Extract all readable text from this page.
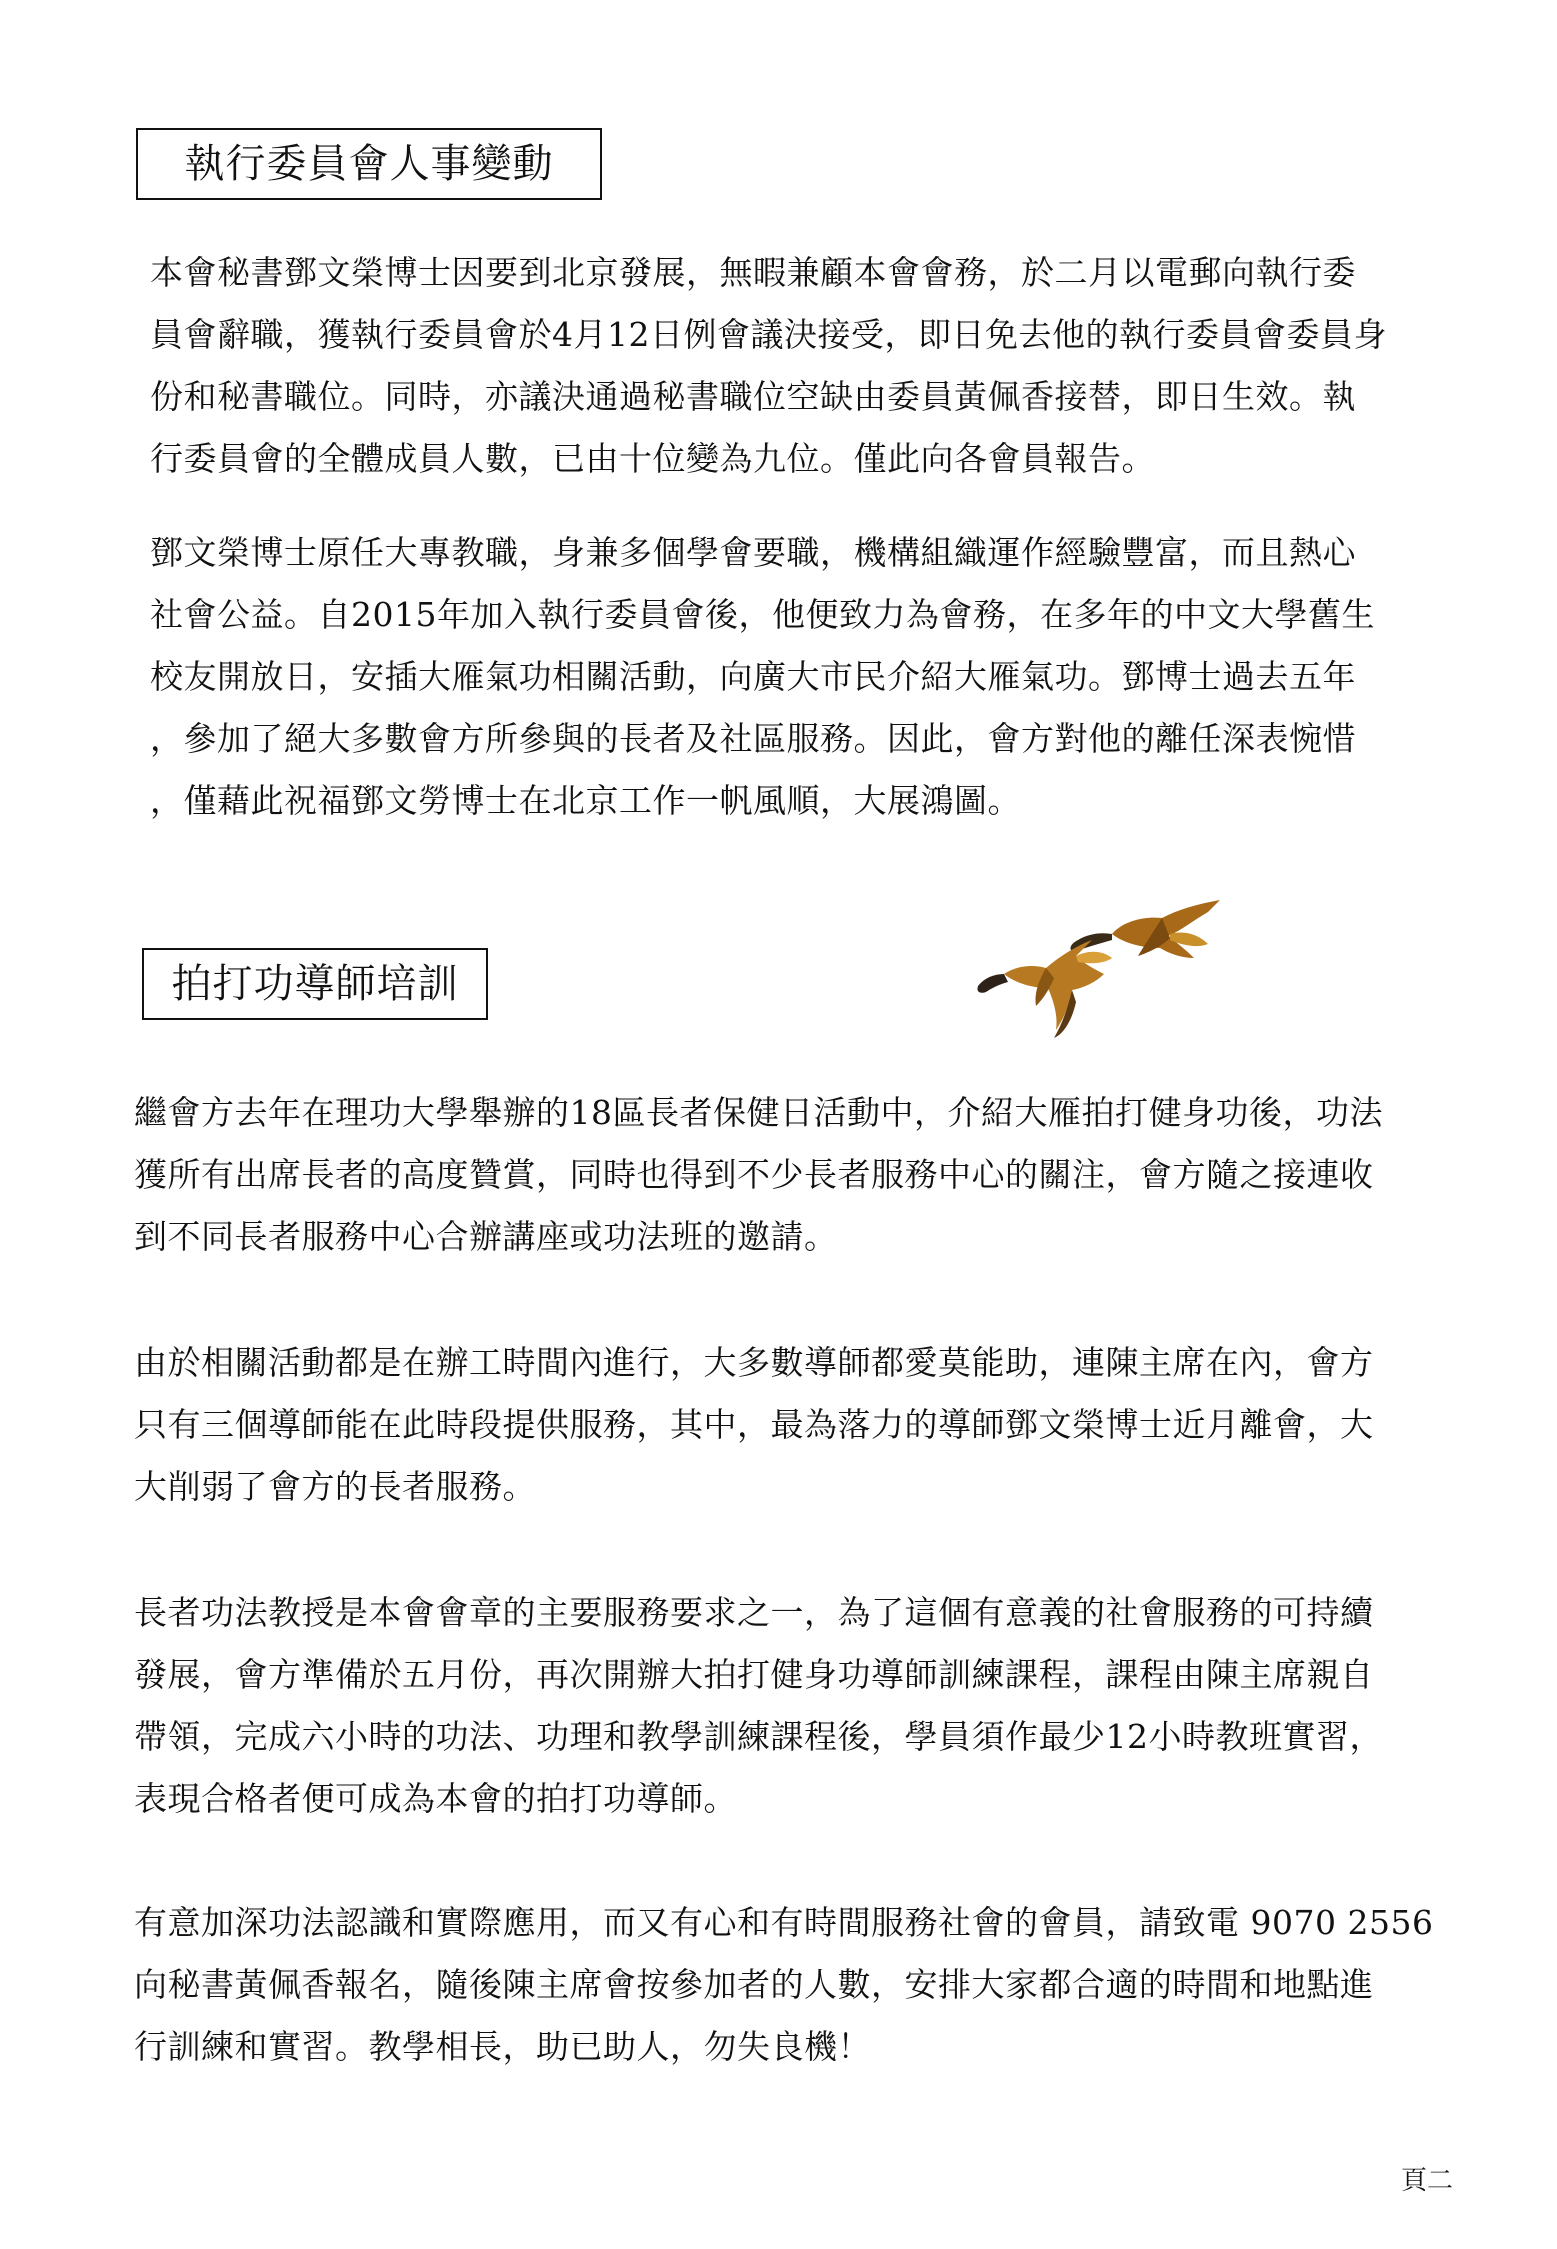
執行委員會人事變動
本會秘書鄧文榮博士因要到北京發展，無暇兼顧本會會務，於二月以電郵向執行委
員會辭職，獲執行委員會於4月12日例會議決接受，即日免去他的執行委員會委員身
份和秘書職位。同時，亦議決通過秘書職位空缺由委員黃佩香接替，即日生效。執
行委員會的全體成員人數，已由十位變為九位。僅此向各會員報告。
鄧文榮博士原任大專教職，身兼多個學會要職，機構組織運作經驗豐富，而且熱心
社會公益。自2015年加入執行委員會後，他便致力為會務，在多年的中文大學舊生
校友開放日，安插大雁氣功相關活動，向廣大市民介紹大雁氣功。鄧博士過去五年
，參加了絕大多數會方所參與的長者及社區服務。因此，會方對他的離任深表惋惜
，僅藉此祝福鄧文勞博士在北京工作一帆風順，大展鴻圖。
拍打功導師培訓
繼會方去年在理功大學舉辦的18區長者保健日活動中，介紹大雁拍打健身功後，功法
獲所有出席長者的高度贊賞，同時也得到不少長者服務中心的關注，會方隨之接連收
到不同長者服務中心合辦講座或功法班的邀請。
由於相關活動都是在辦工時間內進行，大多數導師都愛莫能助，連陳主席在內，會方
只有三個導師能在此時段提供服務，其中，最為落力的導師鄧文榮博士近月離會，大
大削弱了會方的長者服務。
長者功法教授是本會會章的主要服務要求之一，為了這個有意義的社會服務的可持續
發展，會方準備於五月份，再次開辦大拍打健身功導師訓練課程，課程由陳主席親自
帶領，完成六小時的功法、功理和教學訓練課程後，學員須作最少12小時教班實習，
表現合格者便可成為本會的拍打功導師。
有意加深功法認識和實際應用，而又有心和有時間服務社會的會員，請致電 9070 2556
向秘書黃佩香報名，隨後陳主席會按參加者的人數，安排大家都合適的時間和地點進
行訓練和實習。教學相長，助已助人，勿失良機！
頁二
